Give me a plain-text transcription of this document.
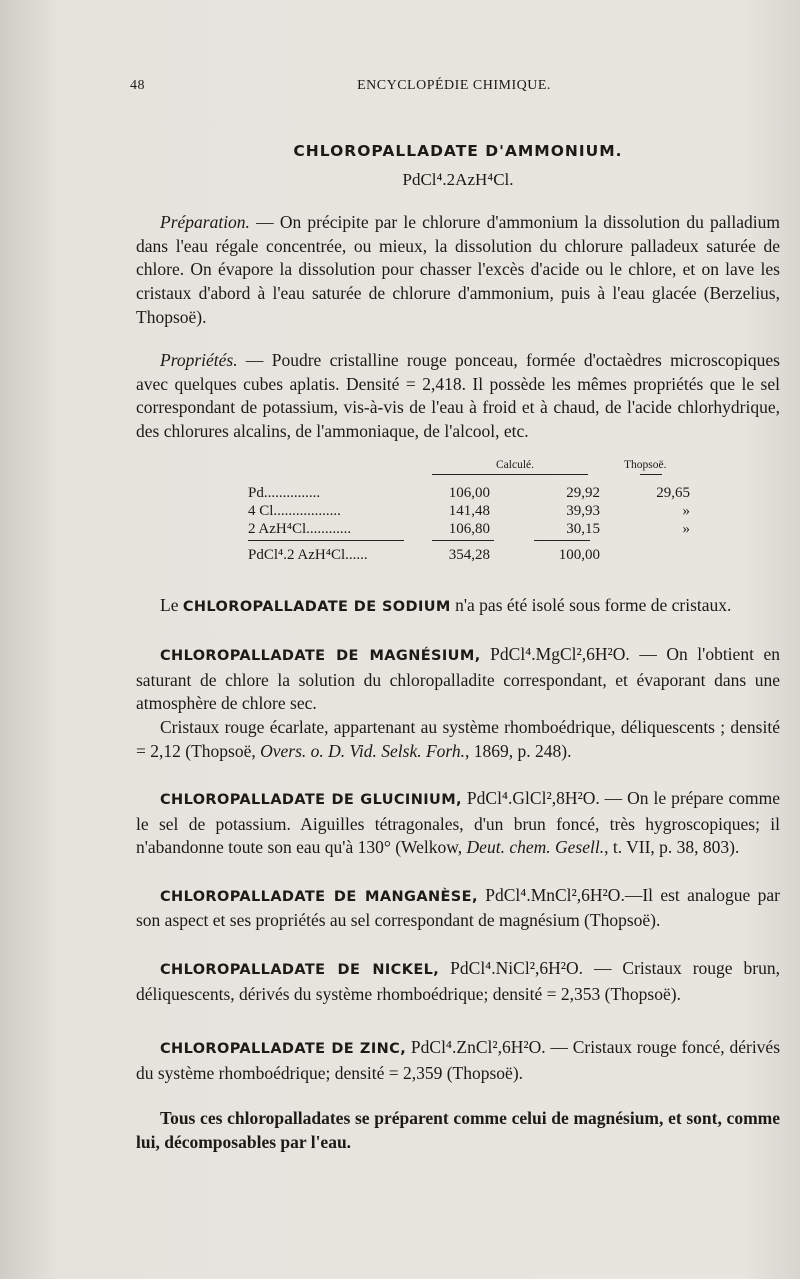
48	ENCYCLOPÉDIE CHIMIQUE.
CHLOROPALLADATE D'AMMONIUM.
PdCl⁴.2AzH⁴Cl.

Préparation. — On précipite par le chlorure d'ammonium la dissolution du palladium dans l'eau régale concentrée, ou mieux, la dissolution du chlorure palladeux saturée de chlore. On évapore la dissolution pour chasser l'excès d'acide ou le chlore, et on lave les cristaux d'abord à l'eau saturée de chlorure d'ammonium, puis à l'eau glacée (Berzelius, Thopsoë).

Propriétés. — Poudre cristalline rouge ponceau, formée d'octaèdres microscopiques avec quelques cubes aplatis. Densité = 2,418. Il possède les mêmes propriétés que le sel correspondant de potassium, vis-à-vis de l'eau à froid et à chaud, de l'acide chlorhydrique, des chlorures alcalins, de l'ammoniaque, de l'alcool, etc.

Calculé.	Thopsoë.
Pd...............	106,00	29,92	29,65
4 Cl..................	141,48	39,93	»
2 AzH⁴Cl............	106,80	30,15	»
PdCl⁴.2 AzH⁴Cl......	354,28	100,00

Le CHLOROPALLADATE DE SODIUM n'a pas été isolé sous forme de cristaux.

CHLOROPALLADATE DE MAGNÉSIUM, PdCl⁴.MgCl²,6H²O. — On l'obtient en saturant de chlore la solution du chloropalladite correspondant, et évaporant dans une atmosphère de chlore sec.

Cristaux rouge écarlate, appartenant au système rhomboédrique, déliquescents ; densité = 2,12 (Thopsoë, Overs. o. D. Vid. Selsk. Forh., 1869, p. 248).

CHLOROPALLADATE DE GLUCINIUM, PdCl⁴.GlCl²,8H²O. — On le prépare comme le sel de potassium. Aiguilles tétragonales, d'un brun foncé, très hygroscopiques; il n'abandonne toute son eau qu'à 130° (Welkow, Deut. chem. Gesell., t. VII, p. 38, 803).

CHLOROPALLADATE DE MANGANÈSE, PdCl⁴.MnCl²,6H²O.—Il est analogue par son aspect et ses propriétés au sel correspondant de magnésium (Thopsoë).

CHLOROPALLADATE DE NICKEL, PdCl⁴.NiCl²,6H²O. — Cristaux rouge brun, déliquescents, dérivés du système rhomboédrique; densité = 2,353 (Thopsoë).

CHLOROPALLADATE DE ZINC, PdCl⁴.ZnCl²,6H²O. — Cristaux rouge foncé, dérivés du système rhomboédrique; densité = 2,359 (Thopsoë).

Tous ces chloropalladates se préparent comme celui de magnésium, et sont, comme lui, décomposables par l'eau.
